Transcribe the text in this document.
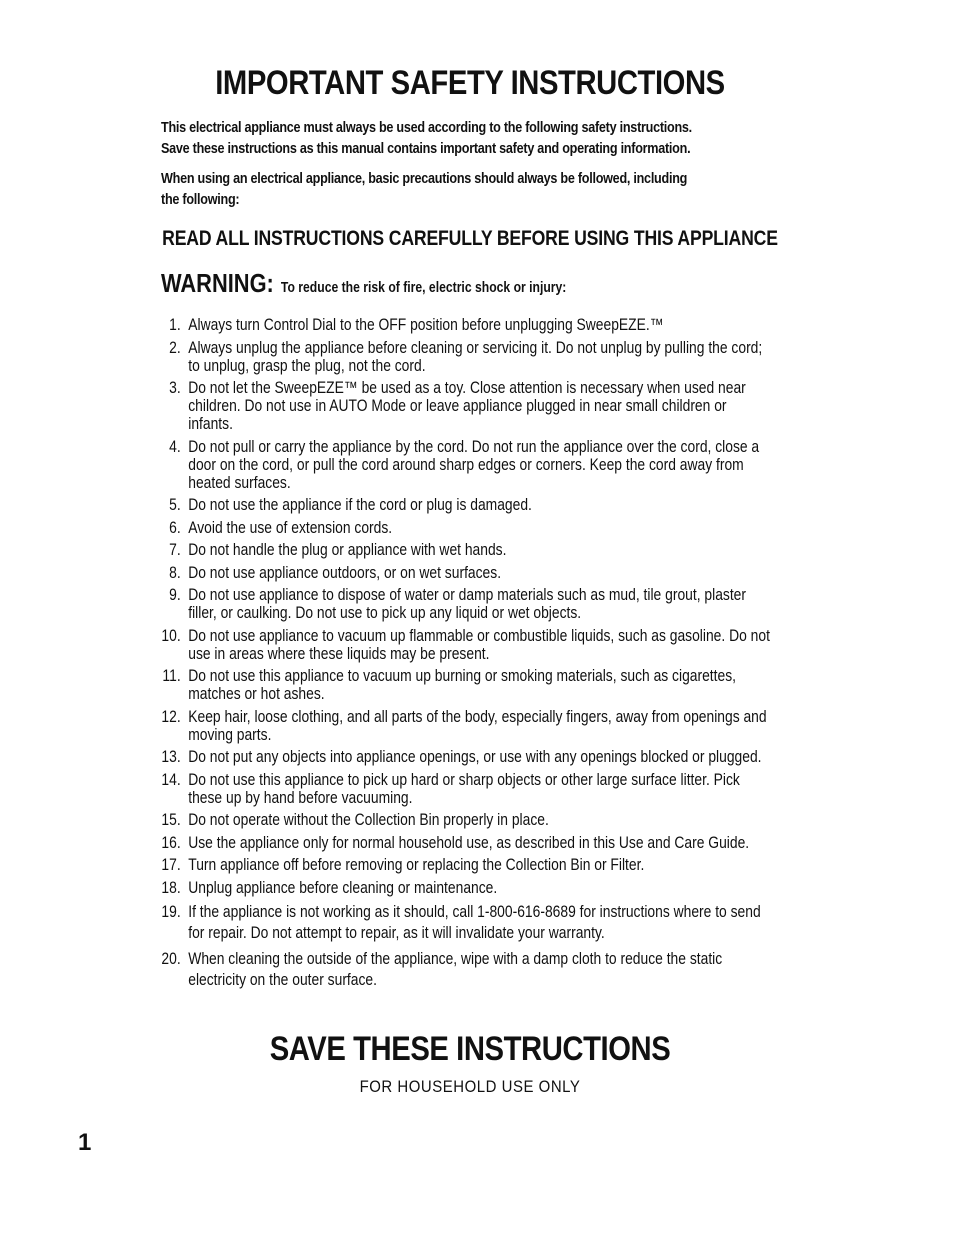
IMPORTANT SAFETY INSTRUCTIONS
This electrical appliance must always be used according to the following safety instructions.
Save these instructions as this manual contains important safety and operating information.
When using an electrical appliance, basic precautions should always be followed, including
the following:
READ ALL INSTRUCTIONS CAREFULLY BEFORE USING THIS APPLIANCE
WARNING: To reduce the risk of fire, electric shock or injury:
1. Always turn Control Dial to the OFF position before unplugging SweepEZE.™
2. Always unplug the appliance before cleaning or servicing it. Do not unplug by pulling the cord; to unplug, grasp the plug, not the cord.
3. Do not let the SweepEZE™ be used as a toy. Close attention is necessary when used near children. Do not use in AUTO Mode or leave appliance plugged in near small children or infants.
4. Do not pull or carry the appliance by the cord. Do not run the appliance over the cord, close a door on the cord, or pull the cord around sharp edges or corners. Keep the cord away from heated surfaces.
5. Do not use the appliance if the cord or plug is damaged.
6. Avoid the use of extension cords.
7. Do not handle the plug or appliance with wet hands.
8. Do not use appliance outdoors, or on wet surfaces.
9. Do not use appliance to dispose of water or damp materials such as mud, tile grout, plaster filler, or caulking. Do not use to pick up any liquid or wet objects.
10. Do not use appliance to vacuum up flammable or combustible liquids, such as gasoline. Do not use in areas where these liquids may be present.
11. Do not use this appliance to vacuum up burning or smoking materials, such as cigarettes, matches or hot ashes.
12. Keep hair, loose clothing, and all parts of the body, especially fingers, away from openings and moving parts.
13. Do not put any objects into appliance openings, or use with any openings blocked or plugged.
14. Do not use this appliance to pick up hard or sharp objects or other large surface litter. Pick these up by hand before vacuuming.
15. Do not operate without the Collection Bin properly in place.
16. Use the appliance only for normal household use, as described in this Use and Care Guide.
17. Turn appliance off before removing or replacing the Collection Bin or Filter.
18. Unplug appliance before cleaning or maintenance.
19. If the appliance is not working as it should, call 1-800-616-8689 for instructions where to send for repair. Do not attempt to repair, as it will invalidate your warranty.
20. When cleaning the outside of the appliance, wipe with a damp cloth to reduce the static electricity on the outer surface.
SAVE THESE INSTRUCTIONS
FOR HOUSEHOLD USE ONLY
1
